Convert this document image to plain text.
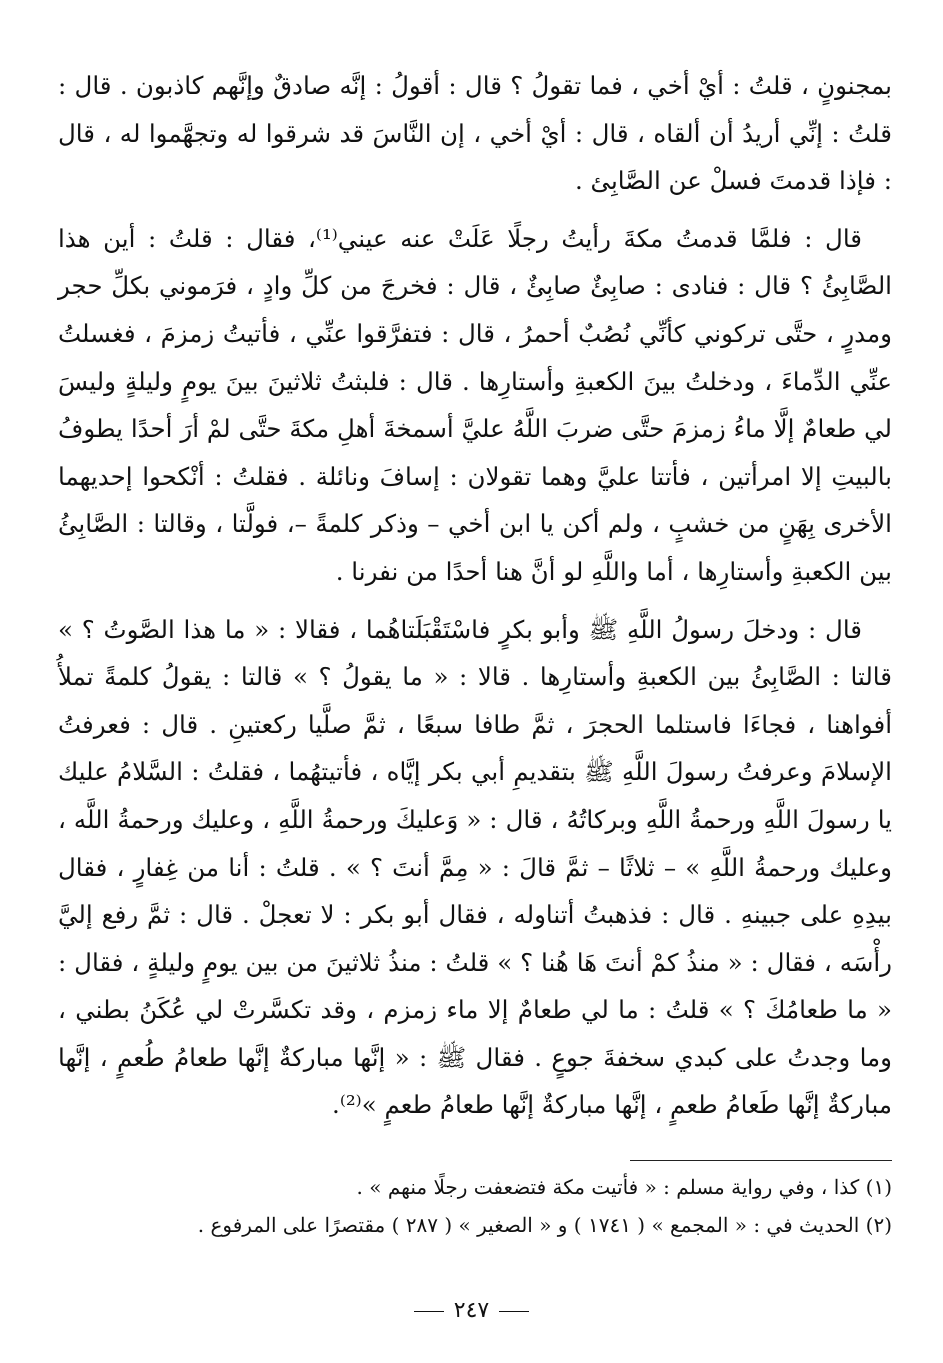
بمجنونٍ ، قلتُ : أيْ أخي ، فما تقولُ ؟ قال : أقولُ : إنَّه صادقٌ وإنَّهم كاذبون . قال : قلتُ : إنِّي أريدُ أن ألقاه ، قال : أيْ أخي ، إن النَّاسَ قد شرقوا له وتجهَّموا له ، قال : فإذا قدمتَ فسلْ عن الصَّابِئ .

قال : فلمَّا قدمتُ مكةَ رأيتُ رجلًا عَلَتْ عنه عيني⁽¹⁾، فقال : قلتُ : أين هذا الصَّابِئُ ؟ قال : فنادى : صابِئٌ صابِئٌ ، قال : فخرجَ من كلِّ وادٍ ، فرَموني بكلِّ حجر ومدرٍ ، حتَّى تركوني كأنِّي نُصُبٌ أحمرُ ، قال : فتفرَّقوا عنِّي ، فأتيتُ زمزمَ ، فغسلتُ عنِّي الدِّماءَ ، ودخلتُ بينَ الكعبةِ وأستارِها . قال : فلبثتُ ثلاثينَ بينَ يومٍ وليلةٍ وليسَ لي طعامٌ إلَّا ماءُ زمزمَ حتَّى ضربَ اللَّهُ عليَّ أسمخةَ أهلِ مكةَ حتَّى لمْ أرَ أحدًا يطوفُ بالبيتِ إلا امرأتين ، فأتتا عليَّ وهما تقولان : إسافَ ونائلة . فقلتُ : أنْكحوا إحديهما الأخرى بِهَنٍ من خشبٍ ، ولم أكن يا ابن أخي – وذكر كلمةً –، فولَّتا ، وقالتا : الصَّابِئُ بين الكعبةِ وأستارِها ، أما واللَّهِ لو أنَّ هنا أحدًا من نفرنا .

قال : ودخلَ رسولُ اللَّهِ ﷺ وأبو بكرٍ فاسْتَقْبَلَتاهُما ، فقالا : « ما هذا الصَّوتُ ؟ » قالتا : الصَّابِئُ بين الكعبةِ وأستارِها . قالا : « ما يقولُ ؟ » قالتا : يقولُ كلمةً تملأُ أفواهنا ، فجاءَا فاستلما الحجرَ ، ثمَّ طافا سبعًا ، ثمَّ صلَّيا ركعتينِ . قال : فعرفتُ الإسلامَ وعرفتُ رسولَ اللَّهِ ﷺ بتقديمِ أبي بكر إيَّاه ، فأتيتهُما ، فقلتُ : السَّلامُ عليك يا رسولَ اللَّهِ ورحمةُ اللَّهِ وبركاتُهُ ، قال : « وَعليكَ ورحمةُ اللَّهِ ، وعليك ورحمةُ اللَّه ، وعليك ورحمةُ اللَّهِ » – ثلاثًا – ثمَّ قالَ : « مِمَّ أنتَ ؟ » . قلتُ : أنا من غِفارٍ ، فقال بيدِهِ على جبينهِ . قال : فذهبتُ أتناوله ، فقال أبو بكر : لا تعجلْ . قال : ثمَّ رفع إليَّ رأْسَه ، فقال : « منذُ كمْ أنتَ هَا هُنا ؟ » قلتُ : منذُ ثلاثينَ من بين يومٍ وليلةٍ ، فقال : « ما طعامُكَ ؟ » قلتُ : ما لي طعامٌ إلا ماء زمزم ، وقد تكسَّرتْ لي عُكَنُ بطني ، وما وجدتُ على كبدي سخفةَ جوعٍ . فقال ﷺ : « إنَّها مباركةٌ إنَّها طعامُ طُعمٍ ، إنَّها مباركةٌ إنَّها طَعامُ طعمٍ ، إنَّها مباركةٌ إنَّها طعامُ طعمٍ »⁽²⁾.

(١) كذا ، وفي رواية مسلم : « فأتيت مكة فتضعفت رجلًا منهم » .

(٢) الحديث في : « المجمع » ( ١٧٤١ ) و « الصغير » ( ٢٨٧ ) مقتصرًا على المرفوع .

٢٤٧
